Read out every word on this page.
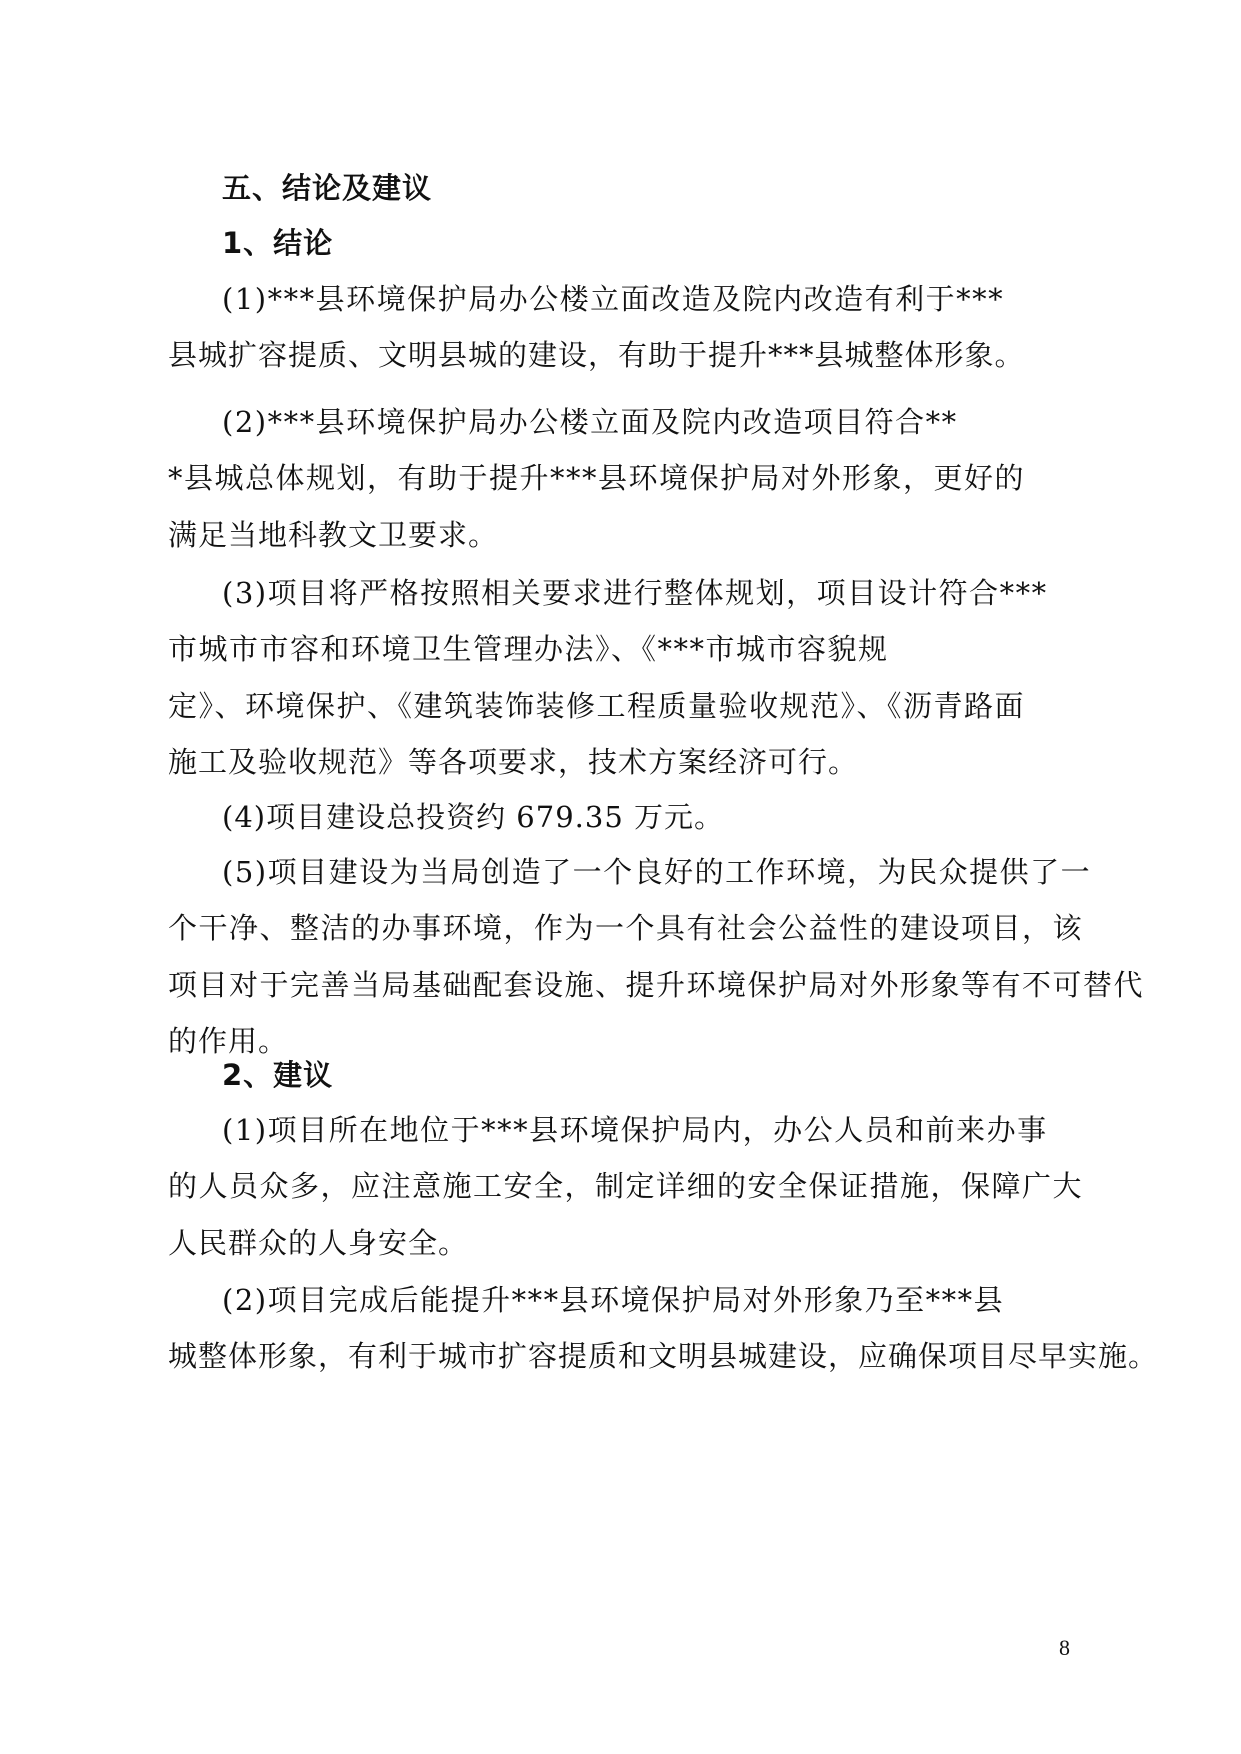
五、结论及建议
1、结论
(1)***县环境保护局办公楼立面改造及院内改造有利于***
县城扩容提质、文明县城的建设，有助于提升***县城整体形象。
(2)***县环境保护局办公楼立面及院内改造项目符合**
*县城总体规划，有助于提升***县环境保护局对外形象，更好的
满足当地科教文卫要求。
(3)项目将严格按照相关要求进行整体规划，项目设计符合***
市城市市容和环境卫生管理办法》、《***市城市容貌规
定》、环境保护、《建筑装饰装修工程质量验收规范》、《沥青路面
施工及验收规范》等各项要求，技术方案经济可行。
(4)项目建设总投资约 679.35 万元。
(5)项目建设为当局创造了一个良好的工作环境，为民众提供了一
个干净、整洁的办事环境，作为一个具有社会公益性的建设项目，该
项目对于完善当局基础配套设施、提升环境保护局对外形象等有不可替代
的作用。
2、建议
(1)项目所在地位于***县环境保护局内，办公人员和前来办事
的人员众多，应注意施工安全，制定详细的安全保证措施，保障广大
人民群众的人身安全。
(2)项目完成后能提升***县环境保护局对外形象乃至***县
城整体形象，有利于城市扩容提质和文明县城建设，应确保项目尽早实施。
8
